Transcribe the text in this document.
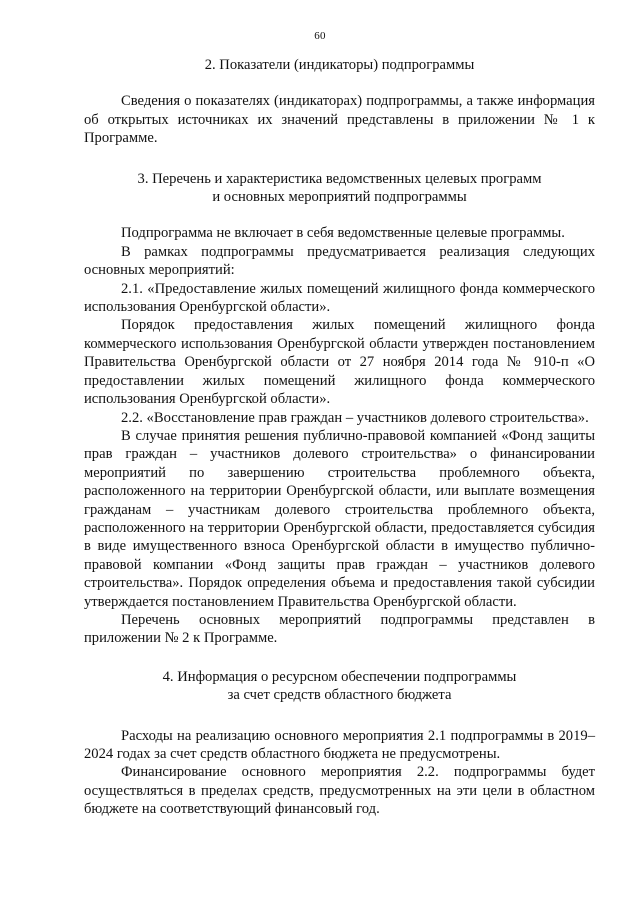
60
2. Показатели (индикаторы) подпрограммы

Сведения о показателях (индикаторах) подпрограммы, а также информация об открытых источниках их значений представлены в приложении № 1 к Программе.

3. Перечень и характеристика ведомственных целевых программ
и основных мероприятий подпрограммы

Подпрограмма не включает в себя ведомственные целевые программы.

В рамках подпрограммы предусматривается реализация следующих основных мероприятий:

2.1. «Предоставление жилых помещений жилищного фонда коммерческого использования Оренбургской области».

Порядок предоставления жилых помещений жилищного фонда коммерческого использования Оренбургской области утвержден постановлением Правительства Оренбургской области от 27 ноября 2014 года № 910-п «О предоставлении жилых помещений жилищного фонда коммерческого использования Оренбургской области».

2.2. «Восстановление прав граждан – участников долевого строительства».

В случае принятия решения публично-правовой компанией «Фонд защиты прав граждан – участников долевого строительства» о финансировании мероприятий по завершению строительства проблемного объекта, расположенного на территории Оренбургской области, или выплате возмещения гражданам – участникам долевого строительства проблемного объекта, расположенного на территории Оренбургской области, предоставляется субсидия в виде имущественного взноса Оренбургской области в имущество публично-правовой компании «Фонд защиты прав граждан – участников долевого строительства». Порядок определения объема и предоставления такой субсидии утверждается постановлением Правительства Оренбургской области.

Перечень основных мероприятий подпрограммы представлен в приложении № 2 к Программе.

4. Информация о ресурсном обеспечении подпрограммы
за счет средств областного бюджета

Расходы на реализацию основного мероприятия 2.1 подпрограммы в 2019–2024 годах за счет средств областного бюджета не предусмотрены.

Финансирование основного мероприятия 2.2. подпрограммы будет осуществляться в пределах средств, предусмотренных на эти цели в областном бюджете на соответствующий финансовый год.
